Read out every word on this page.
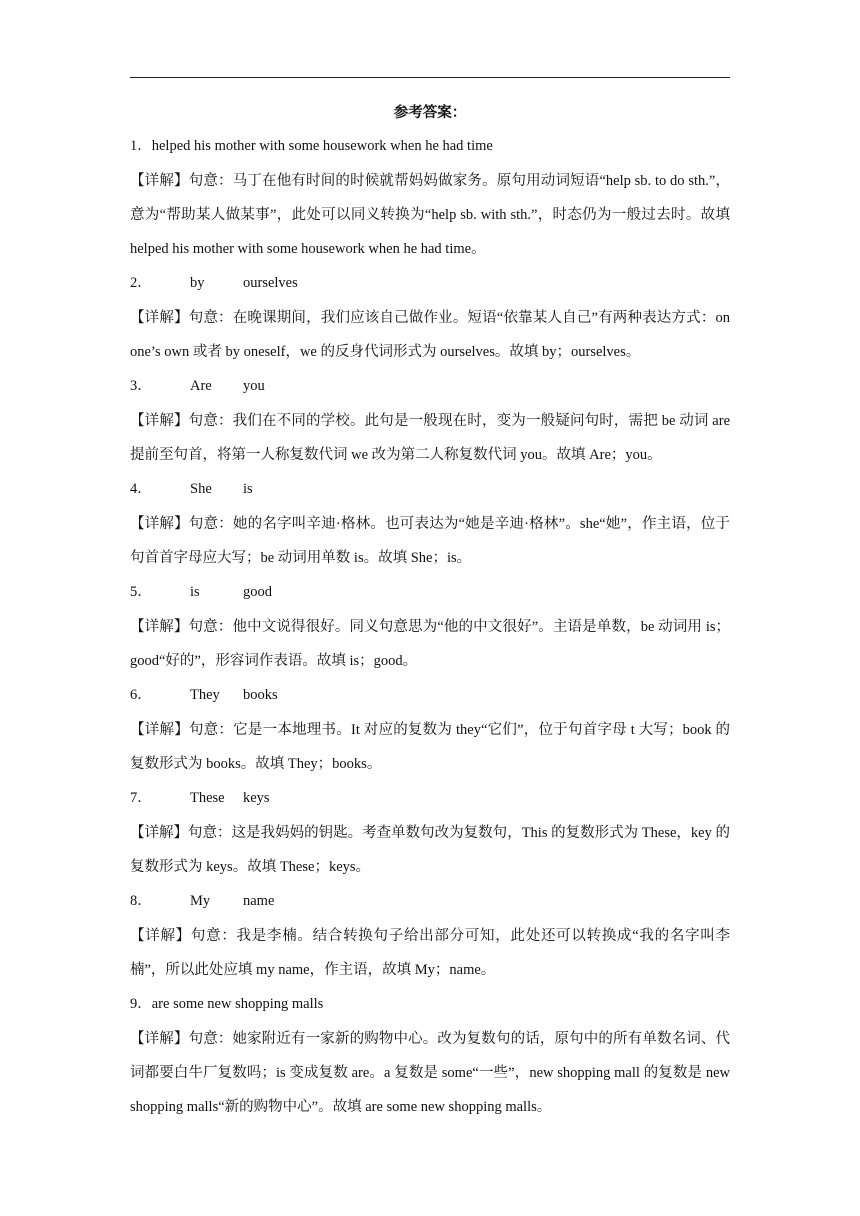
参考答案：
1．helped his mother with some housework when he had time
【详解】句意：马丁在他有时间的时候就帮妈妈做家务。原句用动词短语“help sb. to do sth.”，意为“帮助某人做某事”，此处可以同义转换为“help sb. with sth.”，时态仍为一般过去时。故填 helped his mother with some housework when he had time。
2．	by	ourselves
【详解】句意：在晚课期间，我们应该自己做作业。短语“依靠某人自己”有两种表达方式：on one’s own 或者 by oneself，we 的反身代词形式为 ourselves。故填 by；ourselves。
3．	Are you
【详解】句意：我们在不同的学校。此句是一般现在时，变为一般疑问句时，需把 be 动词 are 提前至句首，将第一人称复数代词 we 改为第二人称复数代词 you。故填 Are；you。
4．	She is
【详解】句意：她的名字叫辛迪·格林。也可表达为“她是辛迪·格林”。she“她”，作主语，位于句首首字母应大写；be 动词用单数 is。故填 She；is。
5．	is	good
【详解】句意：他中文说得很好。同义句意思为“他的中文很好”。主语是单数，be 动词用 is；good“好的”，形容词作表语。故填 is；good。
6．	They books
【详解】句意：它是一本地理书。It 对应的复数为 they“它们”，位于句首字母 t 大写；book 的复数形式为 books。故填 They；books。
7．	These keys
【详解】句意：这是我妈妈的钥匙。考查单数句改为复数句，This 的复数形式为 These，key 的复数形式为 keys。故填 These；keys。
8．	My name
【详解】句意：我是李楠。结合转换句子给出部分可知，此处还可以转换成“我的名字叫李楠”，所以此处应填 my name，作主语，故填 My；name。
9．are some new shopping malls
【详解】句意：她家附近有一家新的购物中心。改为复数句的话，原句中的所有单数名词、代词都要白牛厂复数吗；is 变成复数 are。a 复数是 some“一些”，new shopping mall 的复数是 new shopping malls“新的购物中心”。故填 are some new shopping malls。
